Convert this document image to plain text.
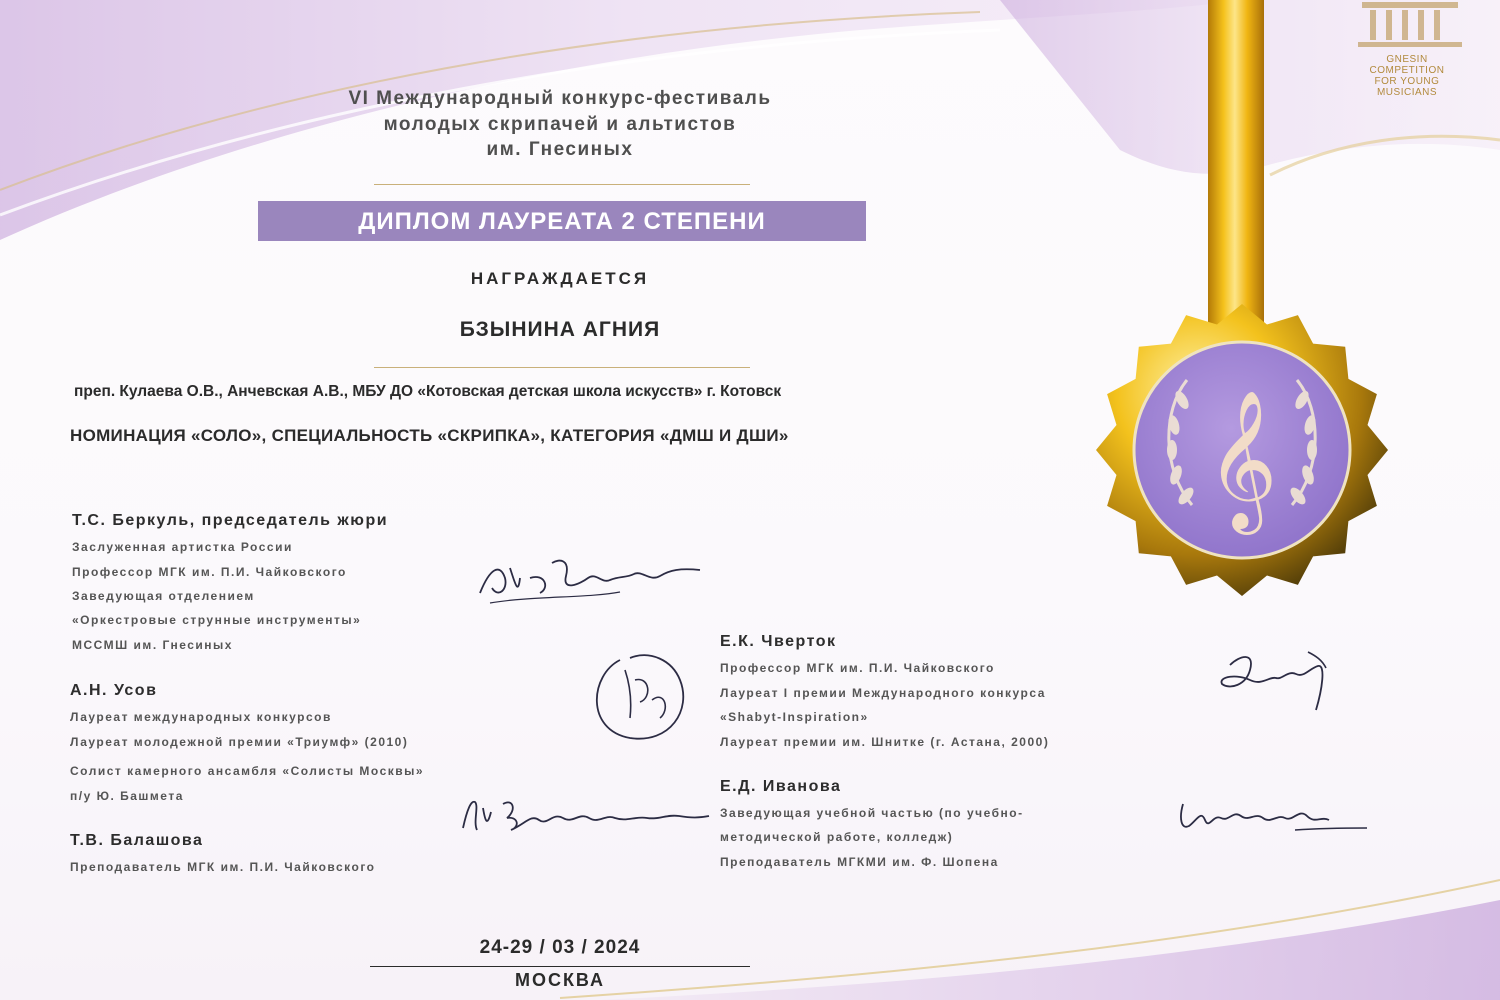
GNESIN
COMPETITION
FOR YOUNG
MUSICIANS
VI Международный конкурс-фестиваль
молодых скрипачей и альтистов
им. Гнесиных
ДИПЛОМ ЛАУРЕАТА 2 СТЕПЕНИ
НАГРАЖДАЕТСЯ
БЗЫНИНА АГНИЯ
преп. Кулаева О.В., Анчевская А.В., МБУ ДО «Котовская детская школа искусств» г. Котовск
НОМИНАЦИЯ «СОЛО», СПЕЦИАЛЬНОСТЬ «СКРИПКА», КАТЕГОРИЯ «ДМШ И ДШИ»
Т.С. Беркуль, председатель жюри
Заслуженная артистка России
Профессор МГК им. П.И. Чайковского
Заведующая отделением
«Оркестровые струнные инструменты»
МССМШ им. Гнесиных
А.Н. Усов
Лауреат международных конкурсов
Лауреат молодежной премии «Триумф» (2010)
Солист камерного ансамбля «Солисты Москвы»
п/у Ю. Башмета
Т.В. Балашова
Преподаватель МГК им. П.И. Чайковского
Е.К. Чверток
Профессор МГК им. П.И. Чайковского
Лауреат I премии Международного конкурса
«Shabyt-Inspiration»
Лауреат премии им. Шнитке (г. Астана, 2000)
Е.Д. Иванова
Заведующая учебной частью (по учебно-
методической работе, колледж)
Преподаватель МГКМИ им. Ф. Шопена
24-29 / 03 / 2024
МОСКВА
𝄞
